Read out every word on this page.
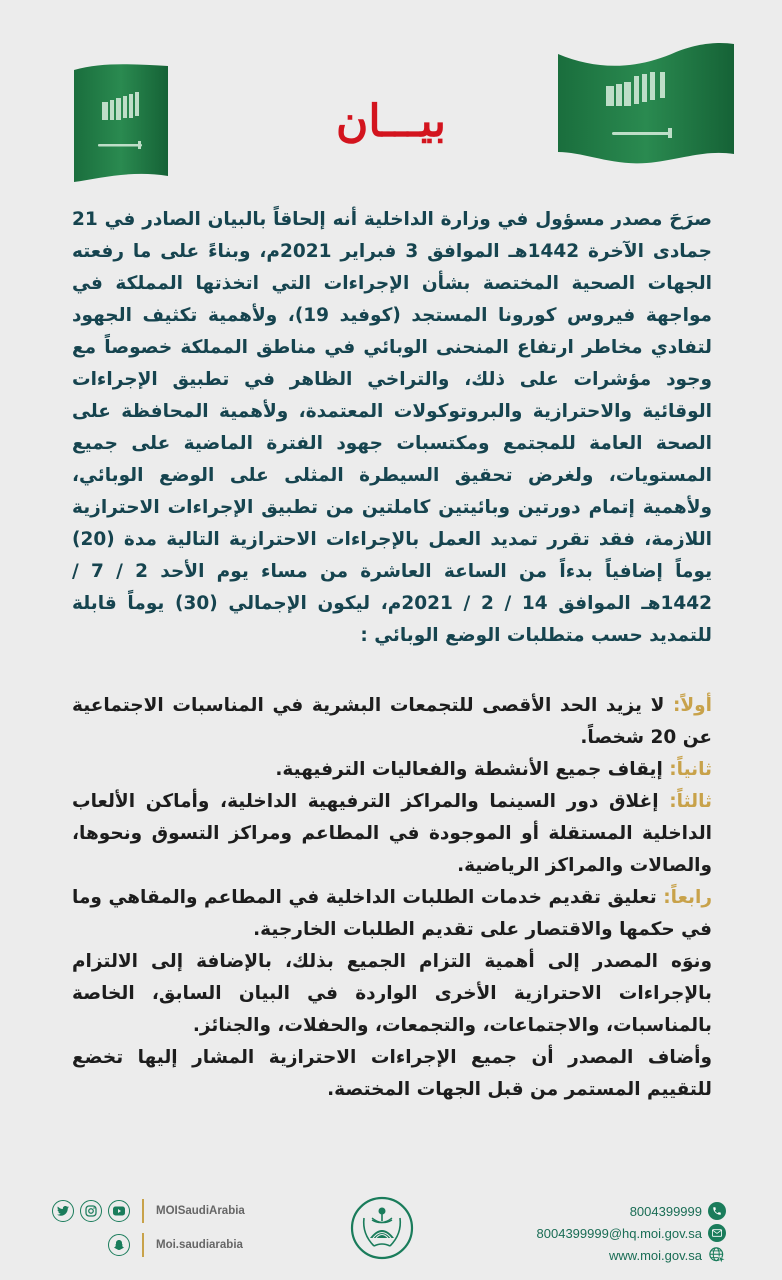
بيـــان

صرَحَ مصدر مسؤول في وزارة الداخلية أنه إلحاقاً بالبيان الصادر في 21 جمادى الآخرة 1442هـ الموافق 3 فبراير 2021م، وبناءً على ما رفعته الجهات الصحية المختصة بشأن الإجراءات التي اتخذتها المملكة في مواجهة فيروس كورونا المستجد (كوفيد 19)، ولأهمية تكثيف الجهود لتفادي مخاطر ارتفاع المنحنى الوبائي في مناطق المملكة خصوصاً مع وجود مؤشرات على ذلك، والتراخي الظاهر في تطبيق الإجراءات الوقائية والاحترازية والبروتوكولات المعتمدة، ولأهمية المحافظة على الصحة العامة للمجتمع ومكتسبات جهود الفترة الماضية على جميع المستويات، ولغرض تحقيق السيطرة المثلى على الوضع الوبائي، ولأهمية إتمام دورتين وبائيتين كاملتين من تطبيق الإجراءات الاحترازية اللازمة، فقد تقرر تمديد العمل بالإجراءات الاحترازية التالية مدة (20) يوماً إضافياً بدءاً من الساعة العاشرة من مساء يوم الأحد 2 / 7 / 1442هـ الموافق 14 / 2 / 2021م، ليكون الإجمالي (30) يوماً قابلة للتمديد حسب متطلبات الوضع الوبائي :

أولاً: لا يزيد الحد الأقصى للتجمعات البشرية في المناسبات الاجتماعية عن 20 شخصاً.

ثانياً: إيقاف جميع الأنشطة والفعاليات الترفيهية.

ثالثاً: إغلاق دور السينما والمراكز الترفيهية الداخلية، وأماكن الألعاب الداخلية المستقلة أو الموجودة في المطاعم ومراكز التسوق ونحوها، والصالات والمراكز الرياضية.

رابعاً: تعليق تقديم خدمات الطلبات الداخلية في المطاعم والمقاهي وما في حكمها والاقتصار على تقديم الطلبات الخارجية.

ونوَه المصدر إلى أهمية التزام الجميع بذلك، بالإضافة إلى الالتزام بالإجراءات الاحترازية الأخرى الواردة في البيان السابق، الخاصة بالمناسبات، والاجتماعات، والتجمعات، والحفلات، والجنائز.

وأضاف المصدر أن جميع الإجراءات الاحترازية المشار إليها تخضع للتقييم المستمر من قبل الجهات المختصة.

MOISaudiArabia
Moi.saudiarabia
8004399999
8004399999@hq.moi.gov.sa
www.moi.gov.sa
